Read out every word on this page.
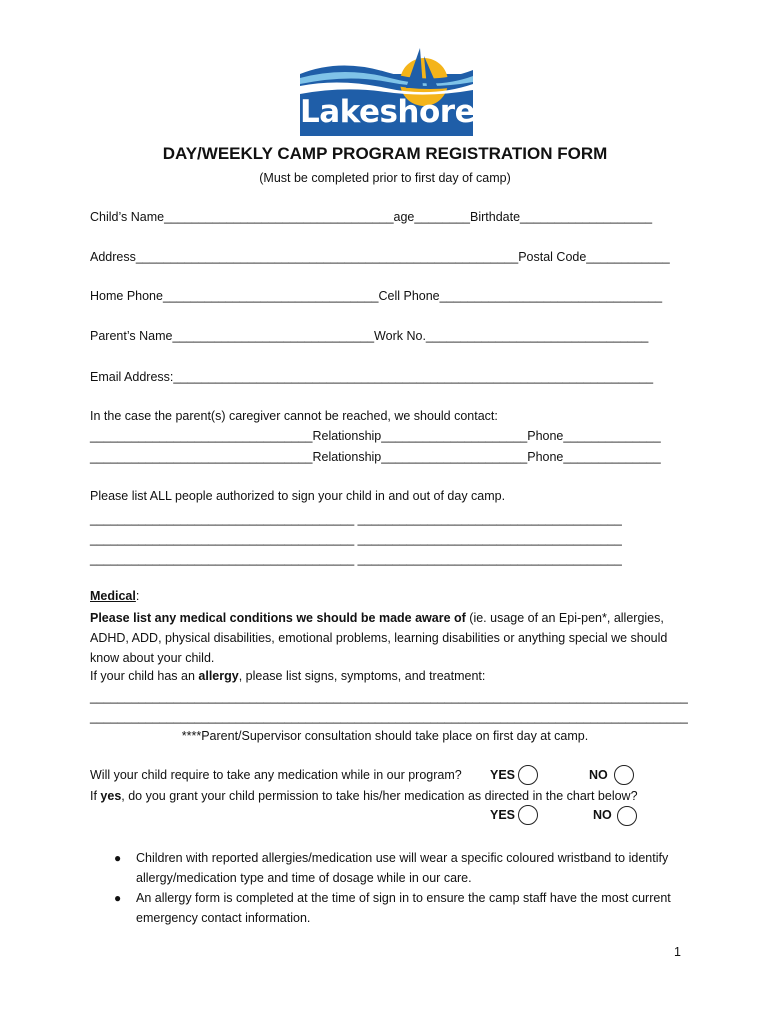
Lakeshore
DAY/WEEKLY CAMP PROGRAM REGISTRATION FORM
(Must be completed prior to first day of camp)
Child’s Name_________________________________age________Birthdate___________________
Address_______________________________________________________Postal Code____________
Home Phone_______________________________Cell Phone________________________________
Parent’s Name_____________________________Work No.________________________________
Email Address:_____________________________________________________________________
In the case the parent(s) caregiver cannot be reached, we should contact:
________________________________Relationship_____________________Phone______________
________________________________Relationship_____________________Phone______________
Please list ALL people authorized to sign your child in and out of day camp.
______________________________________ ______________________________________
______________________________________ ______________________________________
______________________________________ ______________________________________
Medical:
Please list any medical conditions we should be made aware of (ie. usage of an Epi-pen*, allergies, ADHD, ADD, physical disabilities, emotional problems, learning disabilities or anything special we should know about your child.
If your child has an allergy, please list signs, symptoms, and treatment:
______________________________________________________________________________________
______________________________________________________________________________________
****Parent/Supervisor consultation should take place on first day at camp.
Will your child require to take any medication while in our program? YES	NO
If yes, do you grant your child permission to take his/her medication as directed in the chart below?
YES	NO
● Children with reported allergies/medication use will wear a specific coloured wristband to identify allergy/medication type and time of dosage while in our care.
● An allergy form is completed at the time of sign in to ensure the camp staff have the most current emergency contact information.
1
